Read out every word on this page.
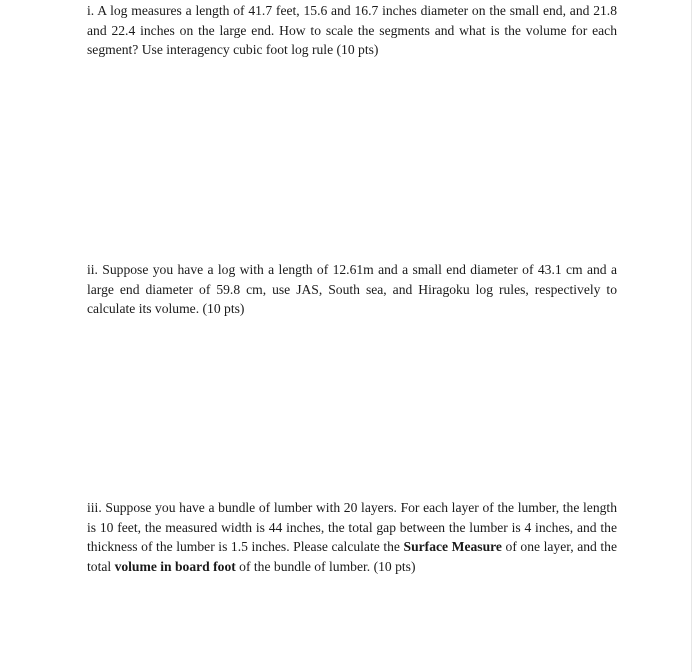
i. A log measures a length of 41.7 feet, 15.6 and 16.7 inches diameter on the small end, and 21.8 and 22.4 inches on the large end. How to scale the segments and what is the volume for each segment? Use interagency cubic foot log rule (10 pts)

ii. Suppose you have a log with a length of 12.61m and a small end diameter of 43.1 cm and a large end diameter of 59.8 cm, use JAS, South sea, and Hiragoku log rules, respectively to calculate its volume. (10 pts)

iii. Suppose you have a bundle of lumber with 20 layers. For each layer of the lumber, the length is 10 feet, the measured width is 44 inches, the total gap between the lumber is 4 inches, and the thickness of the lumber is 1.5 inches. Please calculate the Surface Measure of one layer, and the total volume in board foot of the bundle of lumber. (10 pts)
